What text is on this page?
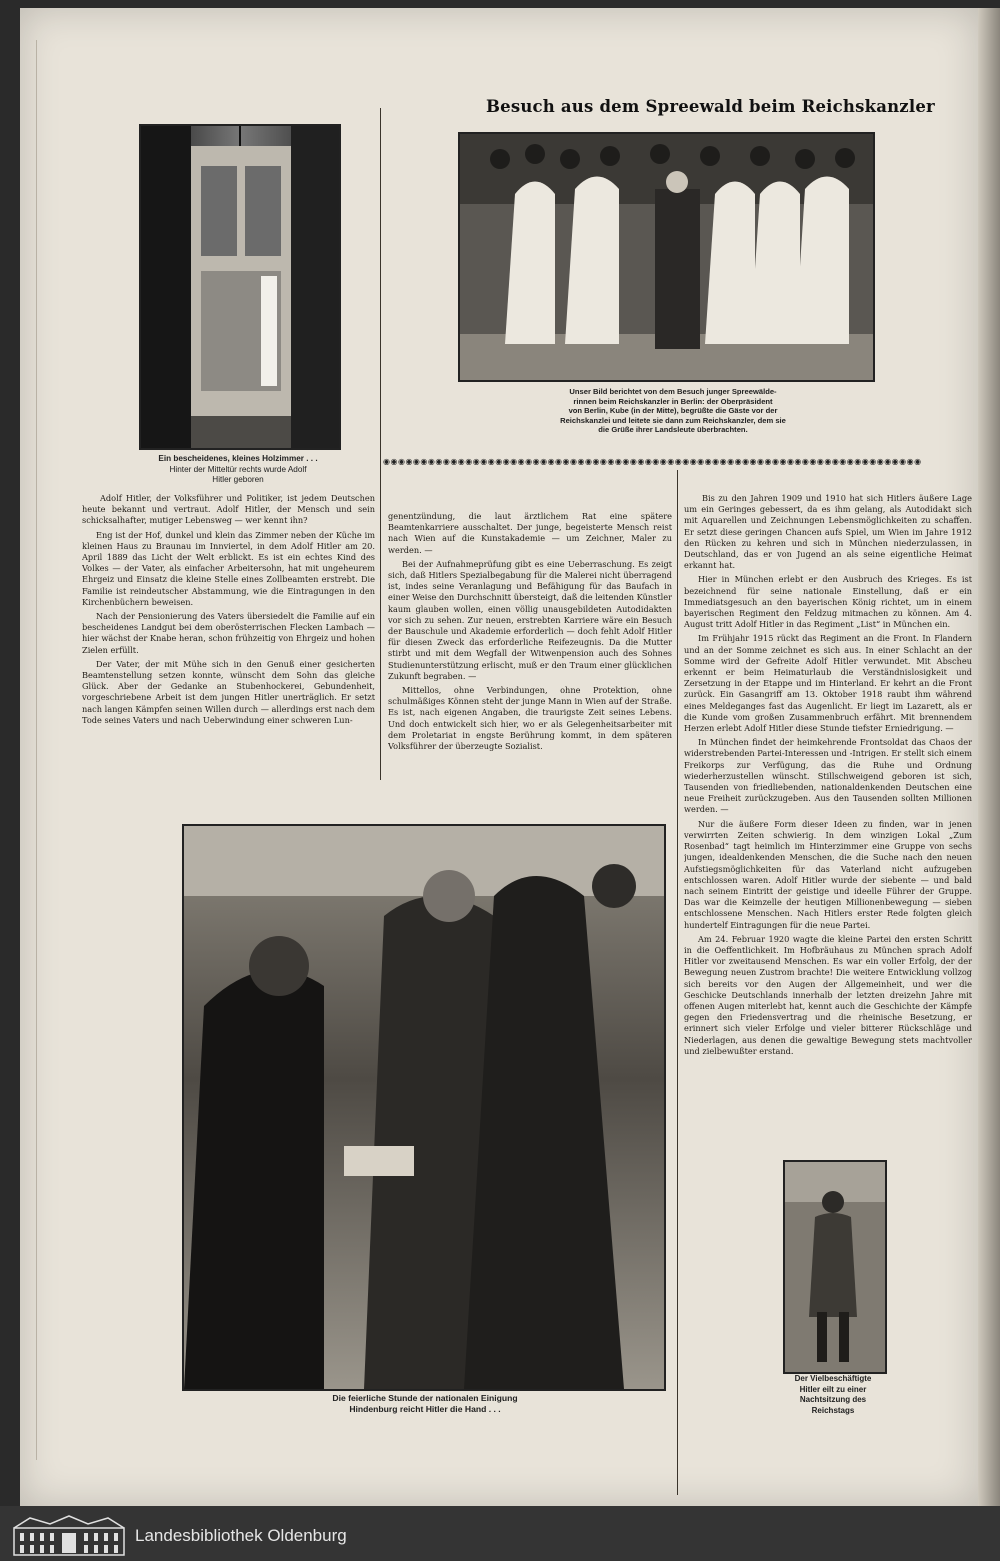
Besuch aus dem Spreewald beim Reichskanzler
Ein bescheidenes, kleines Holzimmer . . .
Hinter der Mitteltür rechts wurde Adolf
Hitler geboren
Unser Bild berichtet von dem Besuch junger Spreewälde-
rinnen beim Reichskanzler in Berlin: der Oberpräsident
von Berlin, Kube (in der Mitte), begrüßte die Gäste vor der
Reichskanzlei und leitete sie dann zum Reichskanzler, dem sie
die Grüße ihrer Landsleute überbrachten.
◉◉◉◉◉◉◉◉◉◉◉◉◉◉◉◉◉◉◉◉◉◉◉◉◉◉◉◉◉◉◉◉◉◉◉◉◉◉◉◉◉◉◉◉◉◉◉◉◉◉◉◉◉◉◉◉◉◉◉◉◉◉◉◉◉◉◉◉◉◉◉◉

Adolf Hitler, der Volksführer und Politiker, ist jedem Deutschen heute bekannt und vertraut. Adolf Hitler, der Mensch und sein schicksalhafter, mutiger Lebensweg — wer kennt ihn?

Eng ist der Hof, dunkel und klein das Zimmer neben der Küche im kleinen Haus zu Braunau im Innviertel, in dem Adolf Hitler am 20. April 1889 das Licht der Welt erblickt. Es ist ein echtes Kind des Volkes — der Vater, als einfacher Arbeitersohn, hat mit ungeheurem Ehrgeiz und Einsatz die kleine Stelle eines Zollbeamten erstrebt. Die Familie ist reindeutscher Abstammung, wie die Eintragungen in den Kirchenbüchern beweisen.

Nach der Pensionierung des Vaters übersiedelt die Familie auf ein bescheidenes Landgut bei dem oberösterrischen Flecken Lambach — hier wächst der Knabe heran, schon frühzeitig von Ehrgeiz und hohen Zielen erfüllt.

Der Vater, der mit Mühe sich in den Genuß einer gesicherten Beamtenstellung setzen konnte, wünscht dem Sohn das gleiche Glück. Aber der Gedanke an Stubenhockerei, Gebundenheit, vorgeschriebene Arbeit ist dem jungen Hitler unerträglich. Er setzt nach langen Kämpfen seinen Willen durch — allerdings erst nach dem Tode seines Vaters und nach Ueberwindung einer schweren Lun-

genentzündung, die laut ärztlichem Rat eine spätere Beamtenkarriere ausschaltet. Der junge, begeisterte Mensch reist nach Wien auf die Kunstakademie — um Zeichner, Maler zu werden. —

Bei der Aufnahmeprüfung gibt es eine Ueberraschung. Es zeigt sich, daß Hitlers Spezialbegabung für die Malerei nicht überragend ist, indes seine Veranlagung und Befähigung für das Baufach in einer Weise den Durchschnitt übersteigt, daß die leitenden Künstler kaum glauben wollen, einen völlig unausgebildeten Autodidakten vor sich zu sehen. Zur neuen, erstrebten Karriere wäre ein Besuch der Bauschule und Akademie erforderlich — doch fehlt Adolf Hitler für diesen Zweck das erforderliche Reifezeugnis. Da die Mutter stirbt und mit dem Wegfall der Witwenpension auch des Sohnes Studienunterstützung erlischt, muß er den Traum einer glücklichen Zukunft begraben. —

Mittellos, ohne Verbindungen, ohne Protektion, ohne schulmäßiges Können steht der junge Mann in Wien auf der Straße. Es ist, nach eigenen Angaben, die traurigste Zeit seines Lebens. Und doch entwickelt sich hier, wo er als Gelegenheitsarbeiter mit dem Proletariat in engste Berührung kommt, in dem späteren Volksführer der überzeugte Sozialist.

Bis zu den Jahren 1909 und 1910 hat sich Hitlers äußere Lage um ein Geringes gebessert, da es ihm gelang, als Autodidakt sich mit Aquarellen und Zeichnungen Lebensmöglichkeiten zu schaffen. Er setzt diese geringen Chancen aufs Spiel, um Wien im Jahre 1912 den Rücken zu kehren und sich in München niederzulassen, in Deutschland, das er von Jugend an als seine eigentliche Heimat erkannt hat.

Hier in München erlebt er den Ausbruch des Krieges. Es ist bezeichnend für seine nationale Einstellung, daß er ein Immediatsgesuch an den bayerischen König richtet, um in einem bayerischen Regiment den Feldzug mitmachen zu können. Am 4. August tritt Adolf Hitler in das Regiment „List“ in München ein.

Im Frühjahr 1915 rückt das Regiment an die Front. In Flandern und an der Somme zeichnet es sich aus. In einer Schlacht an der Somme wird der Gefreite Adolf Hitler verwundet. Mit Abscheu erkennt er beim Heimaturlaub die Verständnislosigkeit und Zersetzung in der Etappe und im Hinterland. Er kehrt an die Front zurück. Ein Gasangriff am 13. Oktober 1918 raubt ihm während eines Meldeganges fast das Augenlicht. Er liegt im Lazarett, als er die Kunde vom großen Zusammenbruch erfährt. Mit brennendem Herzen erlebt Adolf Hitler diese Stunde tiefster Erniedrigung. —

In München findet der heimkehrende Frontsoldat das Chaos der widerstrebenden Partei-Interessen und -Intrigen. Er stellt sich einem Freikorps zur Verfügung, das die Ruhe und Ordnung wiederherzustellen wünscht. Stillschweigend geboren ist sich, Tausenden von friedliebenden, nationaldenkenden Deutschen eine neue Freiheit zurückzugeben. Aus den Tausenden sollten Millionen werden. —

Nur die äußere Form dieser Ideen zu finden, war in jenen verwirrten Zeiten schwierig. In dem winzigen Lokal „Zum Rosenbad“ tagt heimlich im Hinterzimmer eine Gruppe von sechs jungen, idealdenkenden Menschen, die die Suche nach den neuen Aufstiegsmöglichkeiten für das Vaterland nicht aufzugeben entschlossen waren. Adolf Hitler wurde der siebente — und bald nach seinem Eintritt der geistige und ideelle Führer der Gruppe. Das war die Keimzelle der heutigen Millionenbewegung — sieben entschlossene Menschen. Nach Hitlers erster Rede folgten gleich hundertelf Eintragungen für die neue Partei.

Am 24. Februar 1920 wagte die kleine Partei den ersten Schritt in die Oeffentlichkeit. Im Hofbräuhaus zu München sprach Adolf Hitler vor zweitausend Menschen. Es war ein voller Erfolg, der der Bewegung neuen Zustrom brachte! Die weitere Entwicklung vollzog sich bereits vor den Augen der Allgemeinheit, und wer die Geschicke Deutschlands innerhalb der letzten dreizehn Jahre mit offenen Augen miterlebt hat, kennt auch die Geschichte der Kämpfe gegen den Friedensvertrag und die rheinische Besetzung, er erinnert sich vieler Erfolge und vieler bitterer Rückschläge und Niederlagen, aus denen die gewaltige Bewegung stets machtvoller und zielbewußter erstand.

Die feierliche Stunde der nationalen Einigung
Hindenburg reicht Hitler die Hand . . .
Der Vielbeschäftigte
Hitler eilt zu einer
Nachtsitzung des
Reichstags
Landesbibliothek Oldenburg
